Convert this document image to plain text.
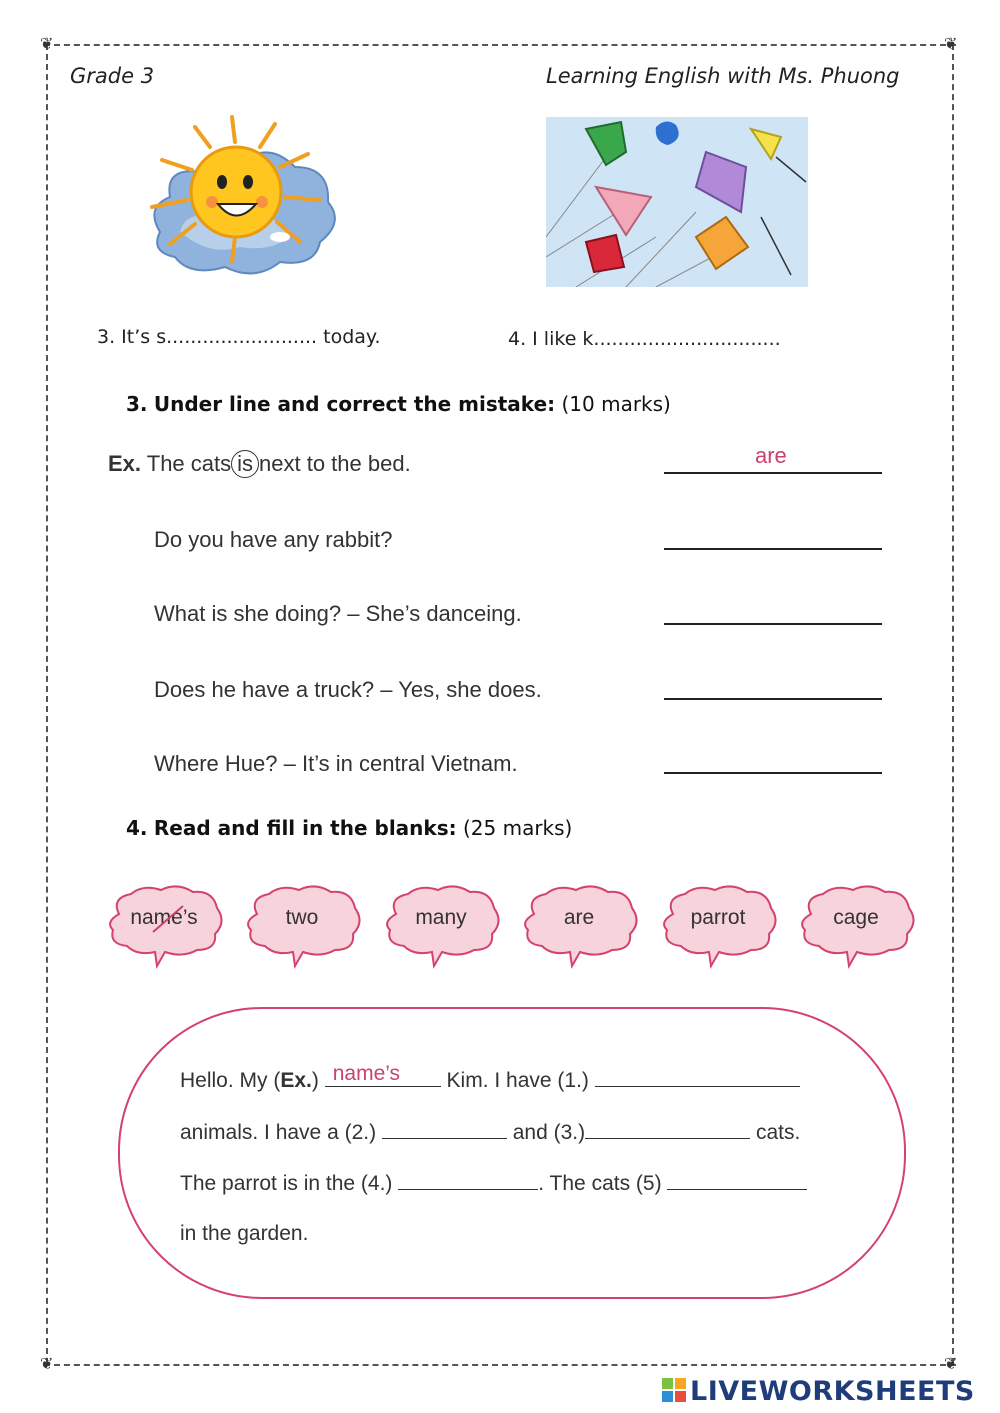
❦	❦
❦	❦
Grade 3	Learning English with Ms. Phuong
3. It’s s......................... today.	4. I like k...............................
3. Under line and correct the mistake: (10 marks)
Ex. The cats is next to the bed.	are
Do you have any rabbit?
What is she doing? – She’s danceing.
Does he have a truck? – Yes, she does.
Where Hue? – It’s in central Vietnam.
4. Read and fill in the blanks: (25 marks)
name’s	two	many	are	parrot	cage
Hello. My (Ex.) name’s Kim. I have (1.)
animals. I have a (2.)	and (3.)	cats.
The parrot is in the (4.)	. The cats (5)
in the garden.
LIVEWORKSHEETS
